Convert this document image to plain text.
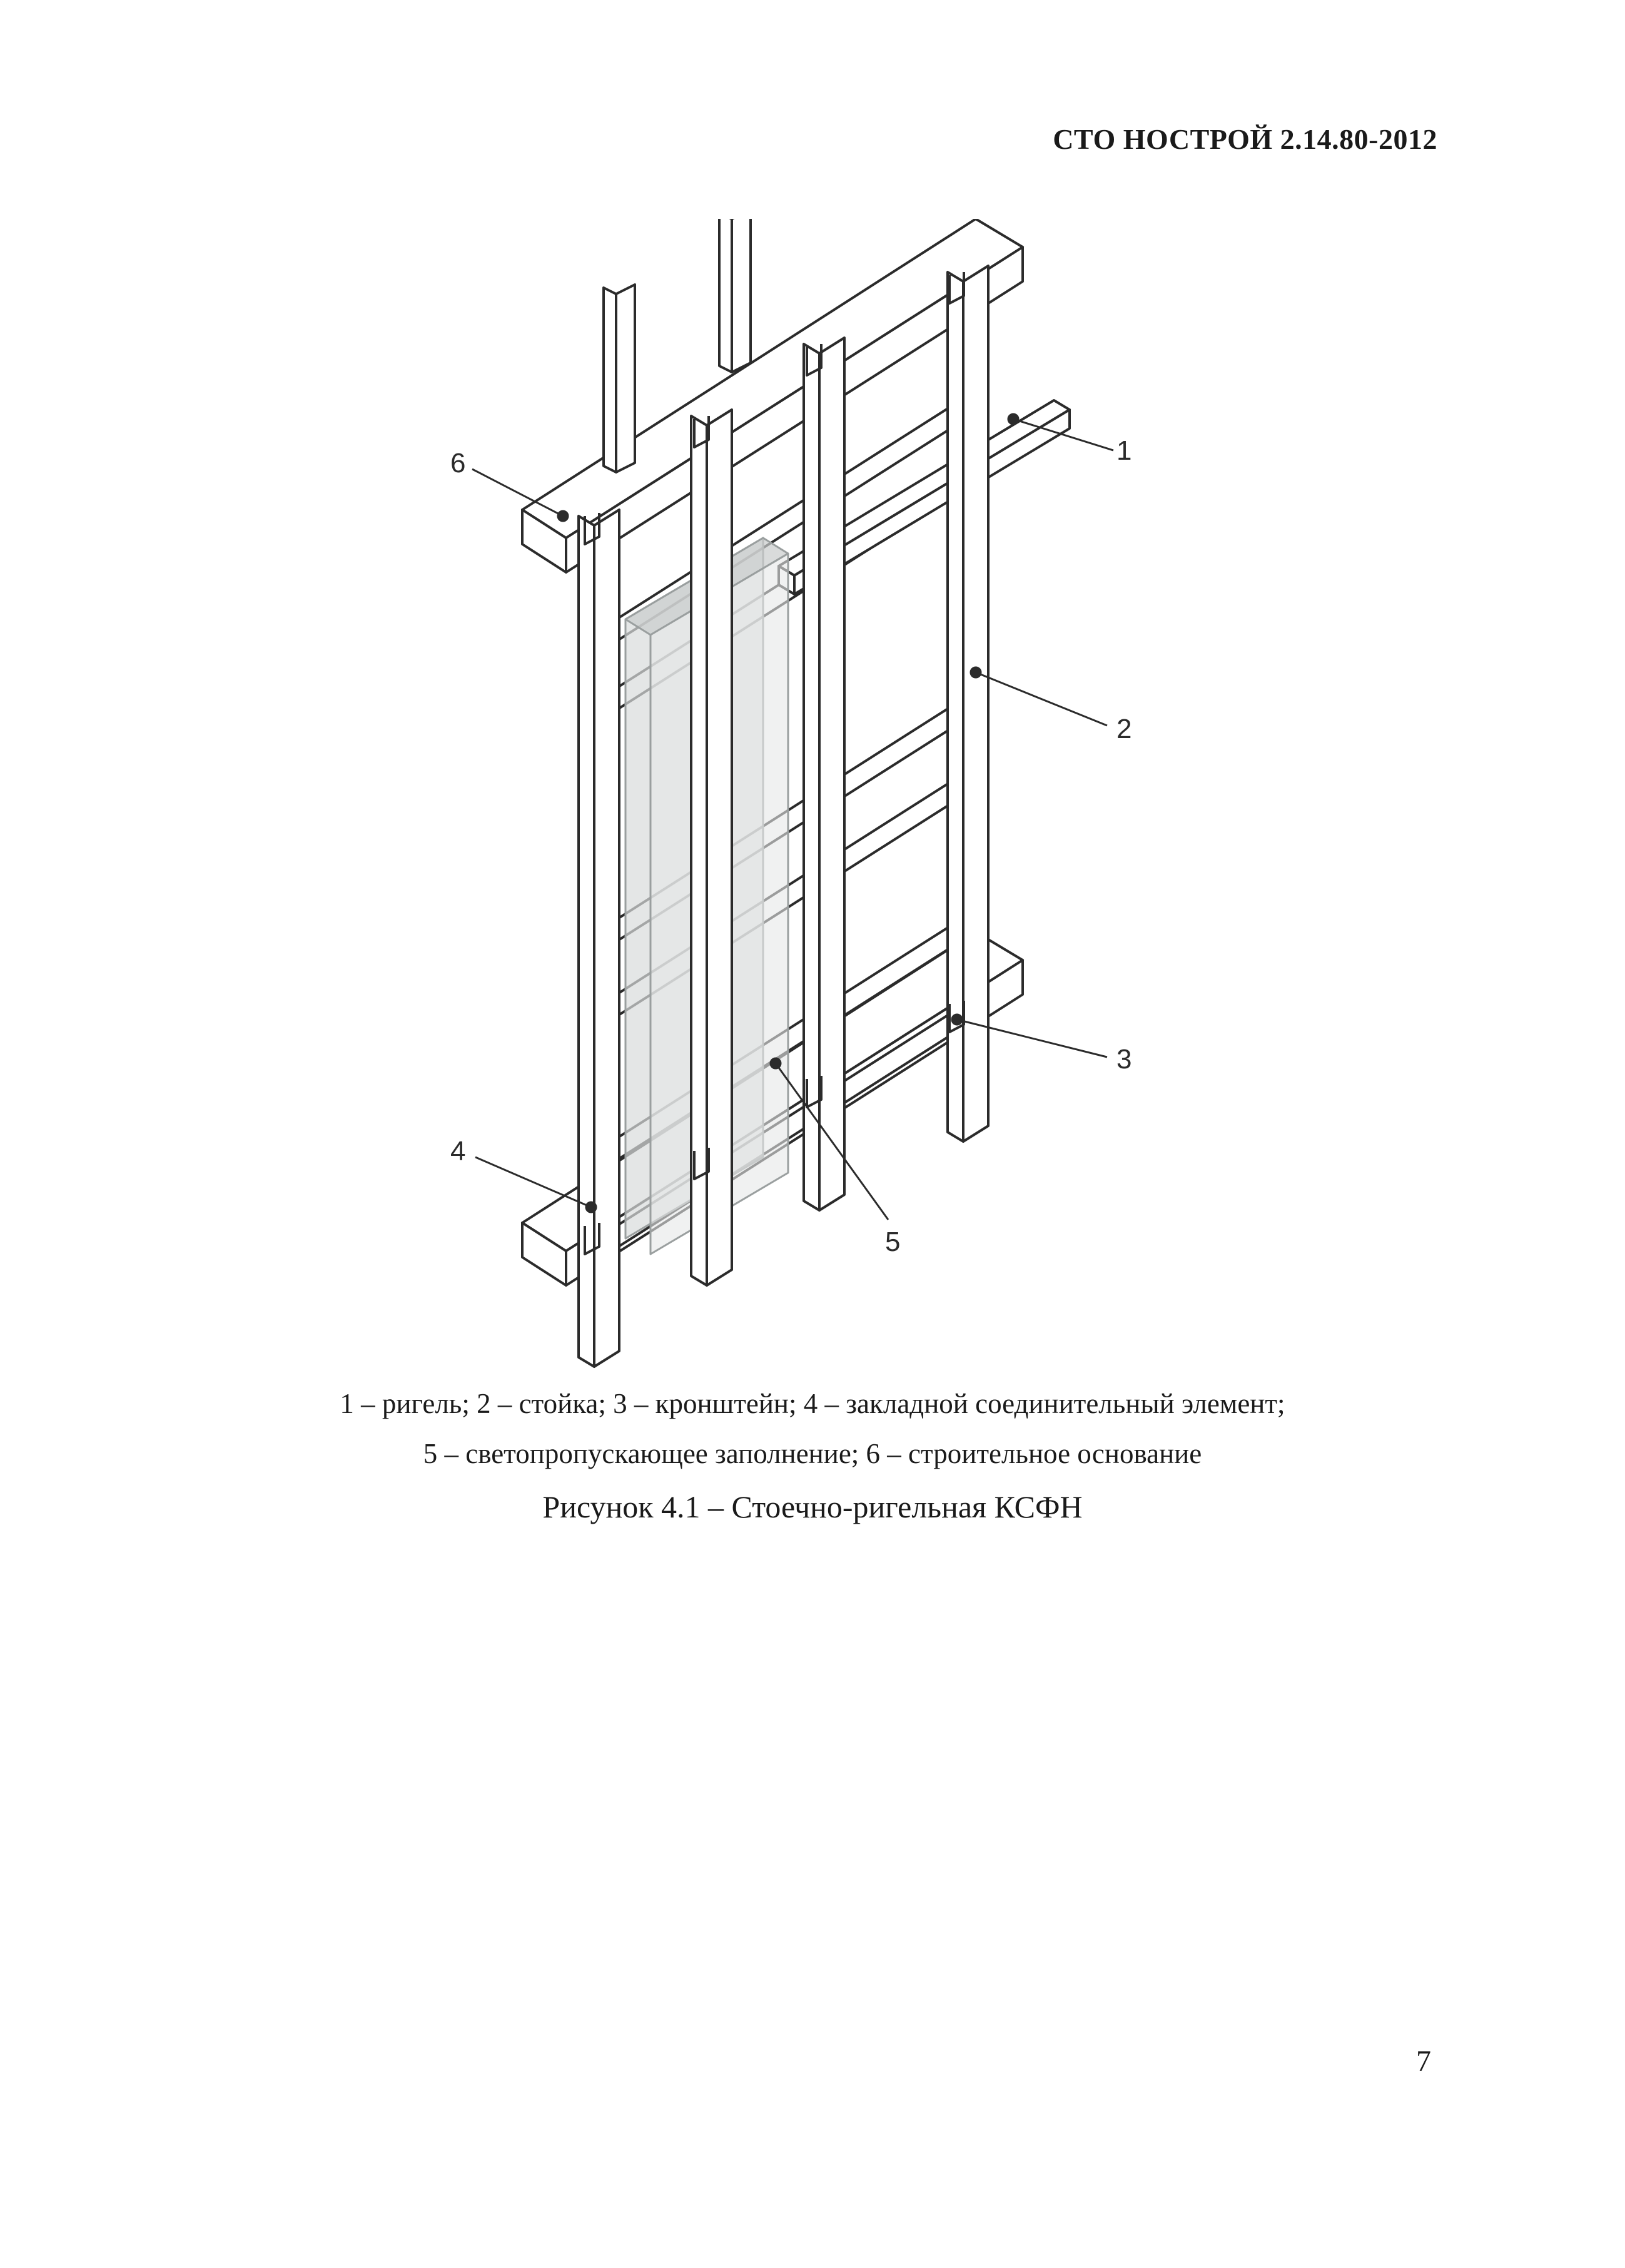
СТО НОСТРОЙ 2.14.80-2012
1
2
3
4
5
6
1 – ригель; 2 – стойка; 3 – кронштейн; 4 – закладной соединительный элемент;
5 – светопропускающее заполнение; 6 – строительное основание
Рисунок 4.1 – Стоечно-ригельная КСФН
7
